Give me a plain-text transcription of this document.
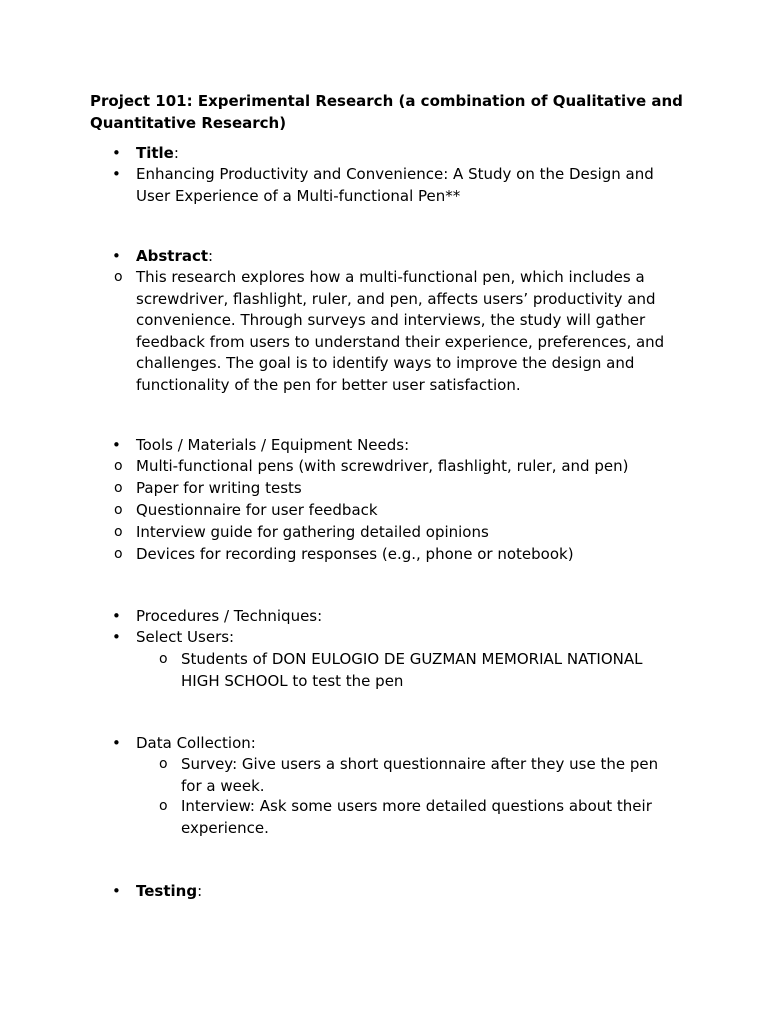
Project 101: Experimental Research (a combination of Qualitative and Quantitative Research)

• Title:
• Enhancing Productivity and Convenience: A Study on the Design and User Experience of a Multi-functional Pen**
• Abstract:
o This research explores how a multi-functional pen, which includes a screwdriver, flashlight, ruler, and pen, affects users’ productivity and convenience. Through surveys and interviews, the study will gather feedback from users to understand their experience, preferences, and challenges. The goal is to identify ways to improve the design and functionality of the pen for better user satisfaction.
• Tools / Materials / Equipment Needs:
o Multi-functional pens (with screwdriver, flashlight, ruler, and pen)
o Paper for writing tests
o Questionnaire for user feedback
o Interview guide for gathering detailed opinions
o Devices for recording responses (e.g., phone or notebook)
• Procedures / Techniques:
• Select Users:
o Students of DON EULOGIO DE GUZMAN MEMORIAL NATIONAL HIGH SCHOOL to test the pen
• Data Collection:
o Survey: Give users a short questionnaire after they use the pen for a week.
o Interview: Ask some users more detailed questions about their experience.
• Testing:
